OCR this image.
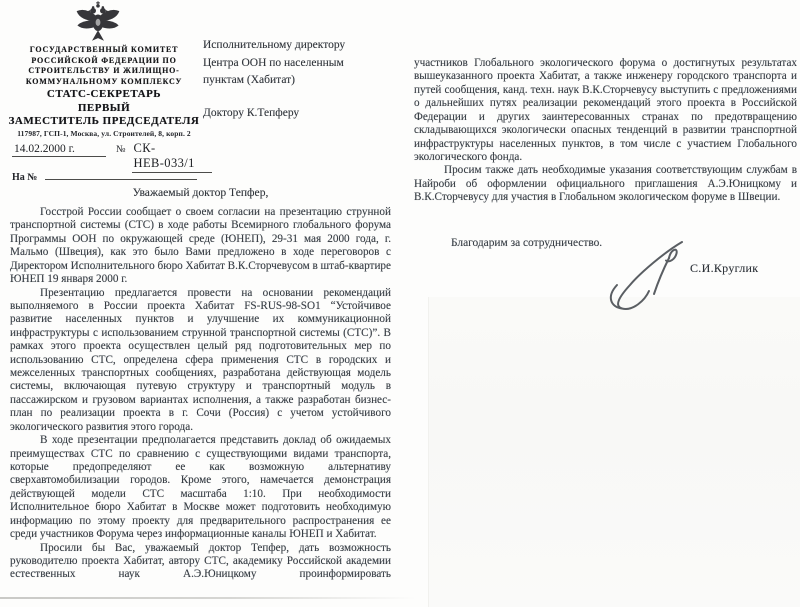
ГОСУДАРСТВЕННЫЙ КОМИТЕТ
РОССИЙСКОЙ ФЕДЕРАЦИИ ПО
СТРОИТЕЛЬСТВУ И ЖИЛИЩНО-
КОММУНАЛЬНОМУ КОМПЛЕКСУ
СТАТС-СЕКРЕТАРЬ
ПЕРВЫЙ
ЗАМЕСТИТЕЛЬ ПРЕДСЕДАТЕЛЯ
117987, ГСП-1, Москва, ул. Строителей, 8, корп. 2
14.02.2000 г.	№ СК-НЕВ-033/1
На №
Исполнительному директору
Центра ООН по населенным
пунктам (Хабитат)
Доктору К.Тепферу
Уважаемый доктор Тепфер,

Госстрой России сообщает о своем согласии на презентацию струнной транспортной системы (СТС) в ходе работы Всемирного глобального форума Программы ООН по окружающей среде (ЮНЕП), 29-31 мая 2000 года, г. Мальмо (Швеция), как это было Вами предложено в ходе переговоров с Директором Исполнительного бюро Хабитат В.К.Сторчевусом в штаб-квартире ЮНЕП 19 января 2000 г.

Презентацию предлагается провести на основании рекомендаций выполняемого в России проекта Хабитат FS-RUS-98-SO1 “Устойчивое развитие населенных пунктов и улучшение их коммуникационной инфраструктуры с использованием струнной транспортной системы (СТС)”. В рамках этого проекта осуществлен целый ряд подготовительных мер по использованию СТС, определена сфера применения СТС в городских и межселенных транспортных сообщениях, разработана действующая модель системы, включающая путевую структуру и транспортный модуль в пассажирском и грузовом вариантах исполнения, а также разработан бизнес-план по реализации проекта в г. Сочи (Россия) с учетом устойчивого экологического развития этого города.

В ходе презентации предполагается представить доклад об ожидаемых преимуществах СТС по сравнению с существующими видами транспорта, которые предопределяют ее как возможную альтернативу сверхавтомобилизации городов. Кроме этого, намечается демонстрация действующей модели СТС масштаба 1:10. При необходимости Исполнительное бюро Хабитат в Москве может подготовить необходимую информацию по этому проекту для предварительного распространения ее среди участников Форума через информационные каналы ЮНЕП и Хабитат.

Просили бы Вас, уважаемый доктор Тепфер, дать возможность руководителю проекта Хабитат, автору СТС, академику Российской академии естественных наук А.Э.Юницкому проинформировать

участников Глобального экологического форума о достигнутых результатах вышеуказанного проекта Хабитат, а также инженеру городского транспорта и путей сообщения, канд. техн. наук В.К.Сторчевусу выступить с предложениями о дальнейших путях реализации рекомендаций этого проекта в Российской Федерации и других заинтересованных странах по предотвращению складывающихся экологически опасных тенденций в развитии транспортной инфраструктуры населенных пунктов, в том числе с участием Глобального экологического фонда.

Просим также дать необходимые указания соответствующим службам в Найроби об оформлении официального приглашения А.Э.Юницкому и В.К.Сторчевусу для участия в Глобальном экологическом форуме в Швеции.

Благодарим за сотрудничество.
С.И.Круглик
